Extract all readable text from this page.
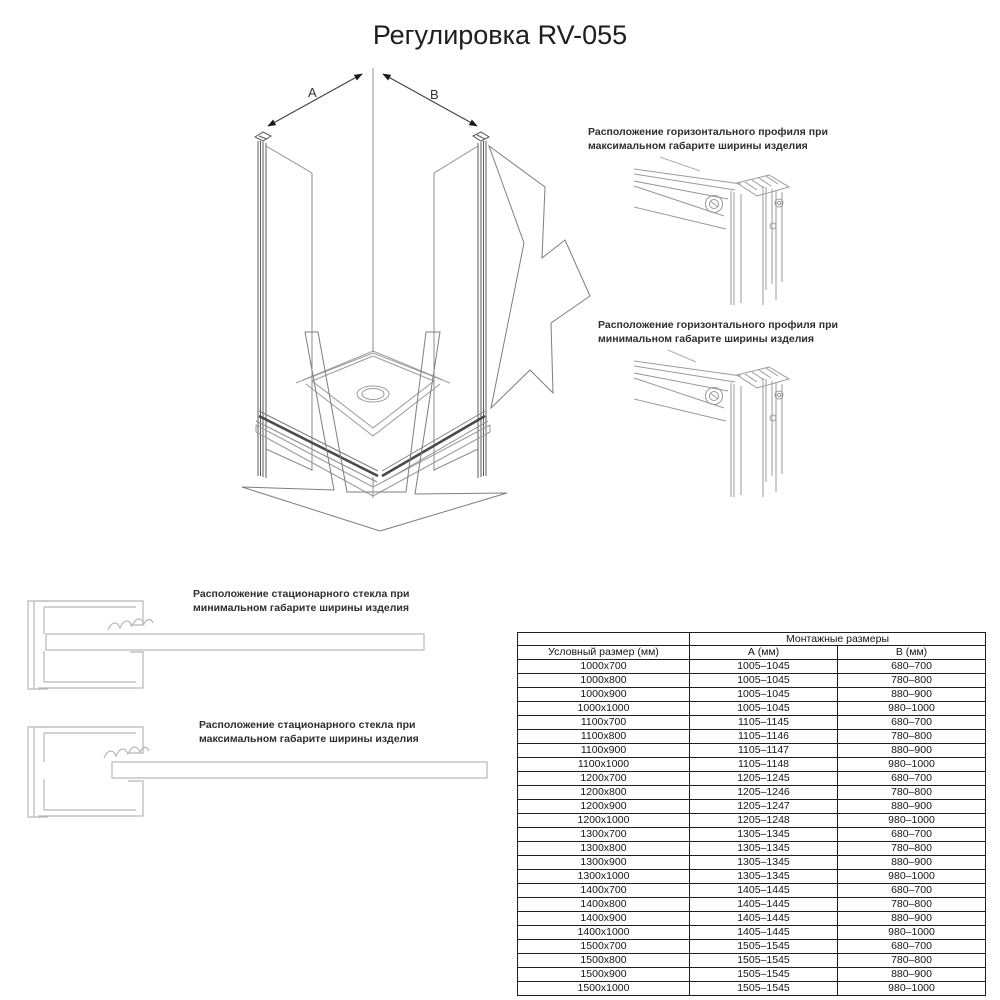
A	B
Регулировка RV-055
Расположение горизонтального профиля при максимальном габарите ширины изделия
Расположение горизонтального профиля при минимальном габарите ширины изделия
Расположение стационарного стекла при минимальном габарите ширины изделия
Расположение стационарного стекла при максимальном габарите ширины изделия
	Монтажные размеры	
Условный размер (мм)	А (мм)	В (мм)
1000x700	1005–1045	680–700
1000x800	1005–1045	780–800
1000x900	1005–1045	880–900
1000x1000	1005–1045	980–1000
1100x700	1105–1145	680–700
1100x800	1105–1146	780–800
1100x900	1105–1147	880–900
1100x1000	1105–1148	980–1000
1200x700	1205–1245	680–700
1200x800	1205–1246	780–800
1200x900	1205–1247	880–900
1200x1000	1205–1248	980–1000
1300x700	1305–1345	680–700
1300x800	1305–1345	780–800
1300x900	1305–1345	880–900
1300x1000	1305–1345	980–1000
1400x700	1405–1445	680–700
1400x800	1405–1445	780–800
1400x900	1405–1445	880–900
1400x1000	1405–1445	980–1000
1500x700	1505–1545	680–700
1500x800	1505–1545	780–800
1500x900	1505–1545	880–900
1500x1000	1505–1545	980–1000
